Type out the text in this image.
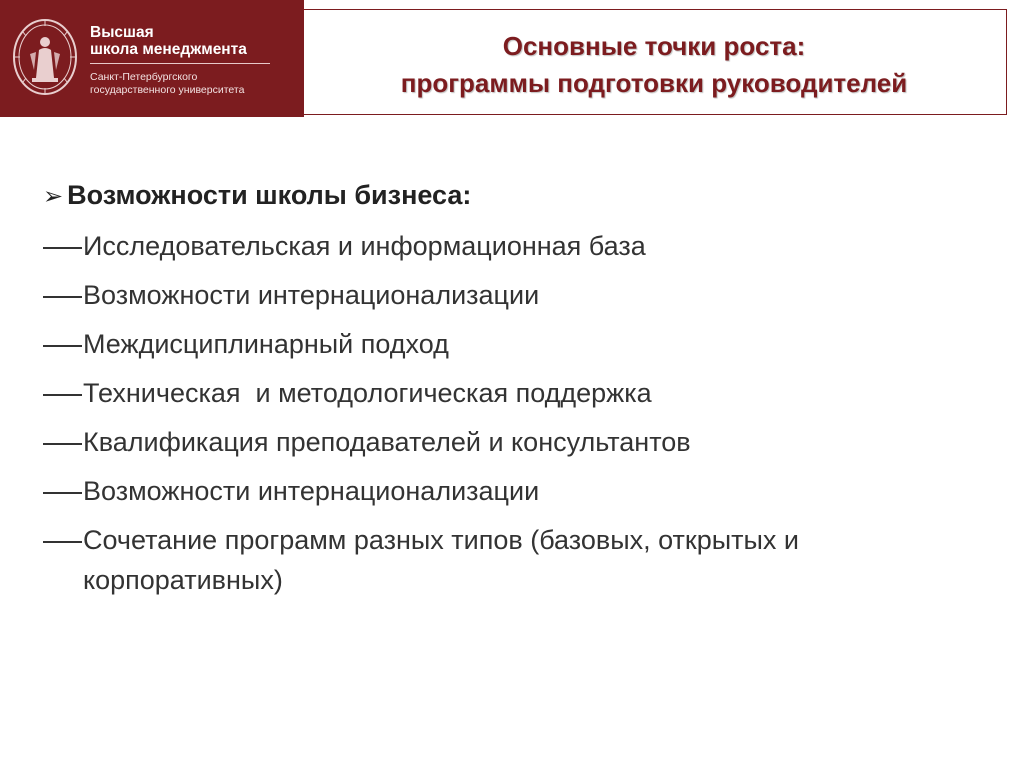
Высшая
школа менеджмента
Санкт-Петербургского
государственного университета
Основные точки роста:
программы подготовки руководителей
➢ Возможности школы бизнеса:
Исследовательская и информационная база
Возможности интернационализации
Междисциплинарный подход
Техническая  и методологическая поддержка
Квалификация преподавателей и консультантов
Возможности интернационализации
Сочетание программ разных типов (базовых, открытых и корпоративных)
